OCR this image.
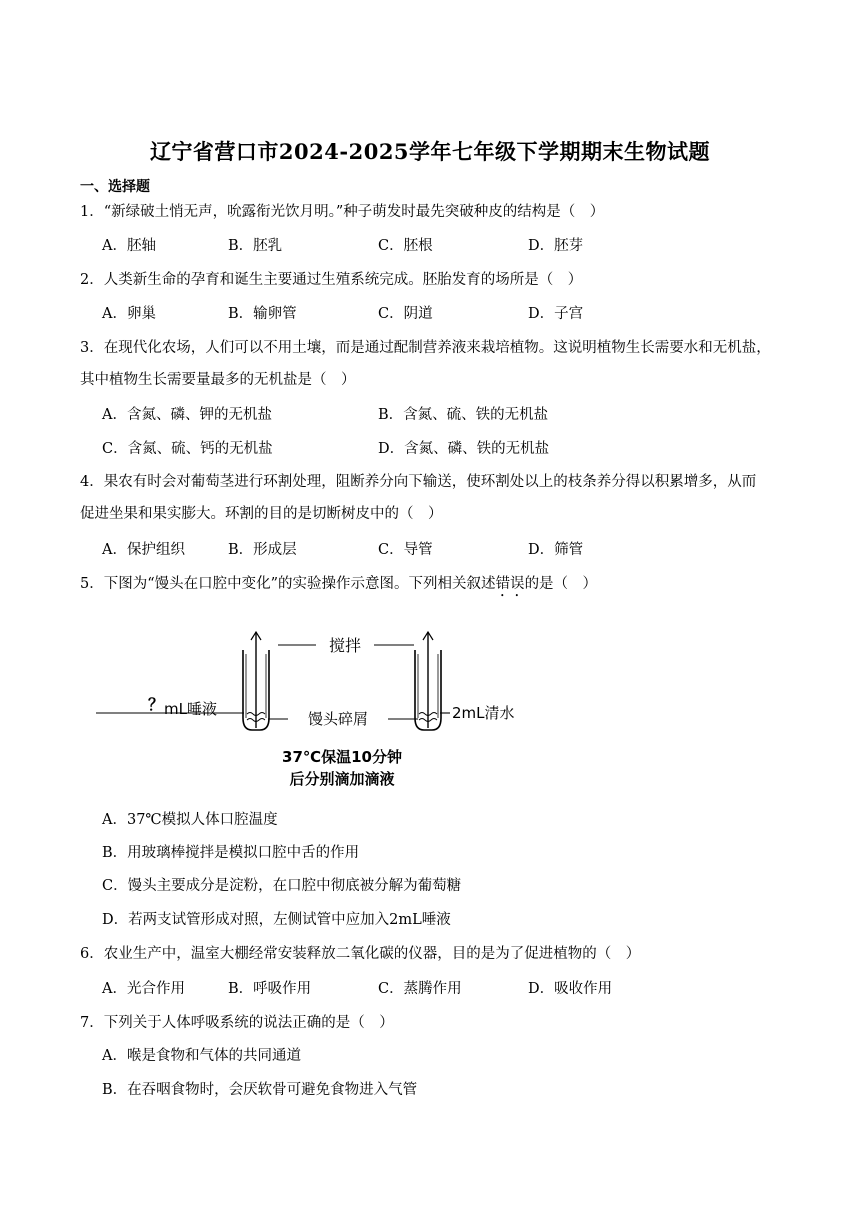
辽宁省营口市2024-2025学年七年级下学期期末生物试题
一、选择题
1．“新绿破土悄无声，吮露衔光饮月明。”种子萌发时最先突破种皮的结构是（　）
A．胚轴	B．胚乳	C．胚根	D．胚芽
2．人类新生命的孕育和诞生主要通过生殖系统完成。胚胎发育的场所是（　）
A．卵巢	B．输卵管	C．阴道	D．子宫
3．在现代化农场，人们可以不用土壤，而是通过配制营养液来栽培植物。这说明植物生长需要水和无机盐，
其中植物生长需要量最多的无机盐是（　）
A．含氮、磷、钾的无机盐	B．含氮、硫、铁的无机盐
C．含氮、硫、钙的无机盐	D．含氮、磷、铁的无机盐
4．果农有时会对葡萄茎进行环割处理，阻断养分向下输送，使环割处以上的枝条养分得以积累增多，从而
促进坐果和果实膨大。环割的目的是切断树皮中的（　）
A．保护组织	B．形成层	C．导管	D．筛管
5．下图为“馒头在口腔中变化”的实验操作示意图。下列相关叙述错误的是（　）
搅拌
？ mL唾液
馒头碎屑	2mL清水
37℃保温10分钟
后分别滴加滴液
A．37℃模拟人体口腔温度
B．用玻璃棒搅拌是模拟口腔中舌的作用
C．馒头主要成分是淀粉，在口腔中彻底被分解为葡萄糖
D．若两支试管形成对照，左侧试管中应加入2mL唾液
6．农业生产中，温室大棚经常安装释放二氧化碳的仪器，目的是为了促进植物的（　）
A．光合作用	B．呼吸作用	C．蒸腾作用	D．吸收作用
7．下列关于人体呼吸系统的说法正确的是（　）
A．喉是食物和气体的共同通道
B．在吞咽食物时，会厌软骨可避免食物进入气管
